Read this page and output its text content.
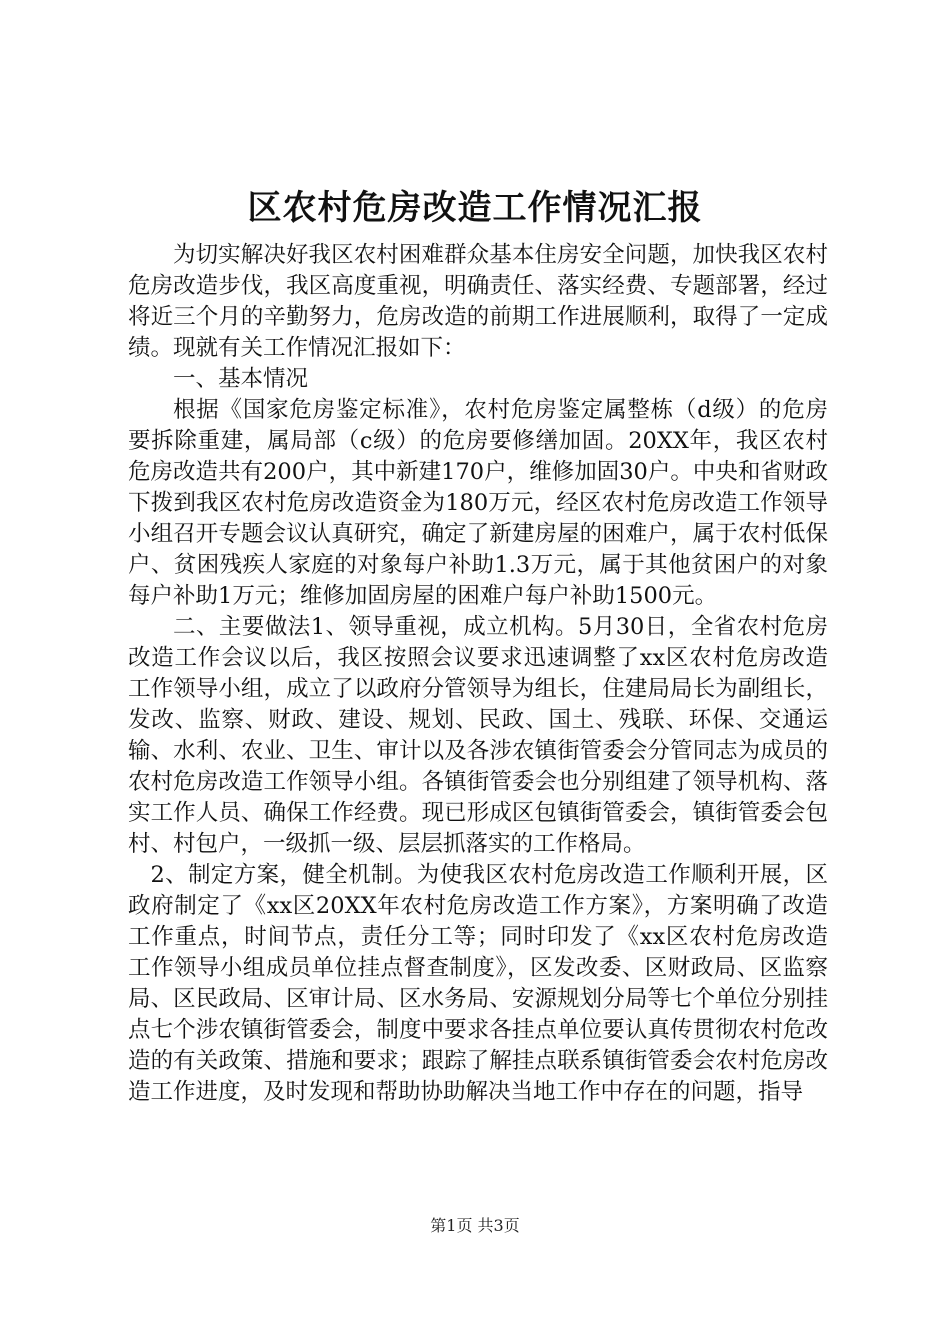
区农村危房改造工作情况汇报

为切实解决好我区农村困难群众基本住房安全问题，加快我区农村危房改造步伐，我区高度重视，明确责任、落实经费、专题部署，经过将近三个月的辛勤努力，危房改造的前期工作进展顺利，取得了一定成绩。现就有关工作情况汇报如下：

一、基本情况

根据《国家危房鉴定标准》，农村危房鉴定属整栋（d级）的危房要拆除重建，属局部（c级）的危房要修缮加固。20XX年，我区农村危房改造共有200户，其中新建170户，维修加固30户。中央和省财政下拨到我区农村危房改造资金为180万元，经区农村危房改造工作领导小组召开专题会议认真研究，确定了新建房屋的困难户，属于农村低保户、贫困残疾人家庭的对象每户补助1.3万元，属于其他贫困户的对象每户补助1万元；维修加固房屋的困难户每户补助1500元。

二、主要做法1、领导重视，成立机构。5月30日，全省农村危房改造工作会议以后，我区按照会议要求迅速调整了xx区农村危房改造工作领导小组，成立了以政府分管领导为组长，住建局局长为副组长，发改、监察、财政、建设、规划、民政、国土、残联、环保、交通运输、水利、农业、卫生、审计以及各涉农镇街管委会分管同志为成员的农村危房改造工作领导小组。各镇街管委会也分别组建了领导机构、落实工作人员、确保工作经费。现已形成区包镇街管委会，镇街管委会包村、村包户，一级抓一级、层层抓落实的工作格局。

2、制定方案，健全机制。为使我区农村危房改造工作顺利开展，区政府制定了《xx区20XX年农村危房改造工作方案》，方案明确了改造工作重点，时间节点，责任分工等；同时印发了《xx区农村危房改造工作领导小组成员单位挂点督查制度》，区发改委、区财政局、区监察局、区民政局、区审计局、区水务局、安源规划分局等七个单位分别挂点七个涉农镇街管委会，制度中要求各挂点单位要认真传贯彻农村危改造的有关政策、措施和要求；跟踪了解挂点联系镇街管委会农村危房改造工作进度，及时发现和帮助协助解决当地工作中存在的问题，指导

第1页 共3页
